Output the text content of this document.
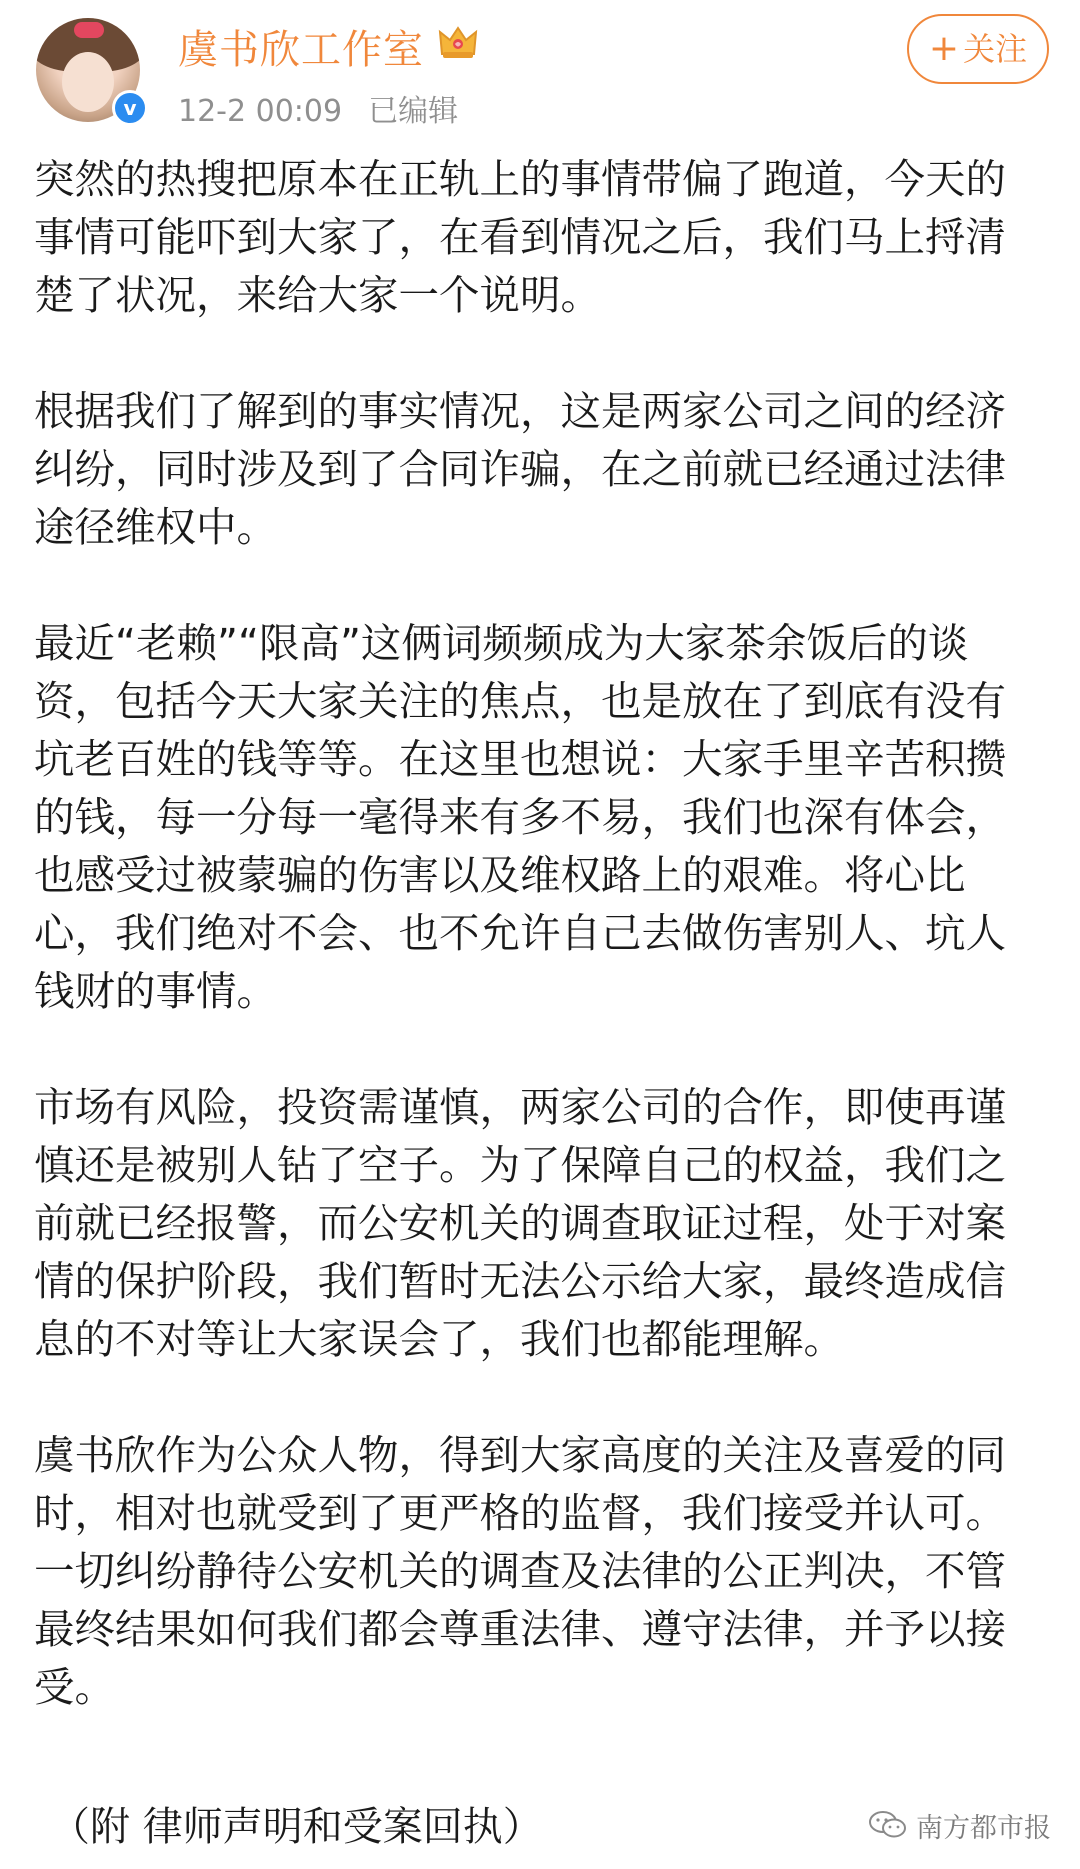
v
虞书欣工作室
12-2 00:09 已编辑
+ 关注

突然的热搜把原本在正轨上的事情带偏了跑道，今天的事情可能吓到大家了，在看到情况之后，我们马上捋清楚了状况，来给大家一个说明。

根据我们了解到的事实情况，这是两家公司之间的经济纠纷，同时涉及到了合同诈骗，在之前就已经通过法律途径维权中。

最近“老赖”“限高”这俩词频频成为大家茶余饭后的谈资，包括今天大家关注的焦点，也是放在了到底有没有坑老百姓的钱等等。在这里也想说：大家手里辛苦积攒的钱，每一分每一毫得来有多不易，我们也深有体会，也感受过被蒙骗的伤害以及维权路上的艰难。将心比心，我们绝对不会、也不允许自己去做伤害别人、坑人钱财的事情。

市场有风险，投资需谨慎，两家公司的合作，即使再谨慎还是被别人钻了空子。为了保障自己的权益，我们之前就已经报警，而公安机关的调查取证过程，处于对案情的保护阶段，我们暂时无法公示给大家，最终造成信息的不对等让大家误会了，我们也都能理解。

虞书欣作为公众人物，得到大家高度的关注及喜爱的同时，相对也就受到了更严格的监督，我们接受并认可。一切纠纷静待公安机关的调查及法律的公正判决，不管最终结果如何我们都会尊重法律、遵守法律，并予以接受。

（附 律师声明和受案回执）	南方都市报
